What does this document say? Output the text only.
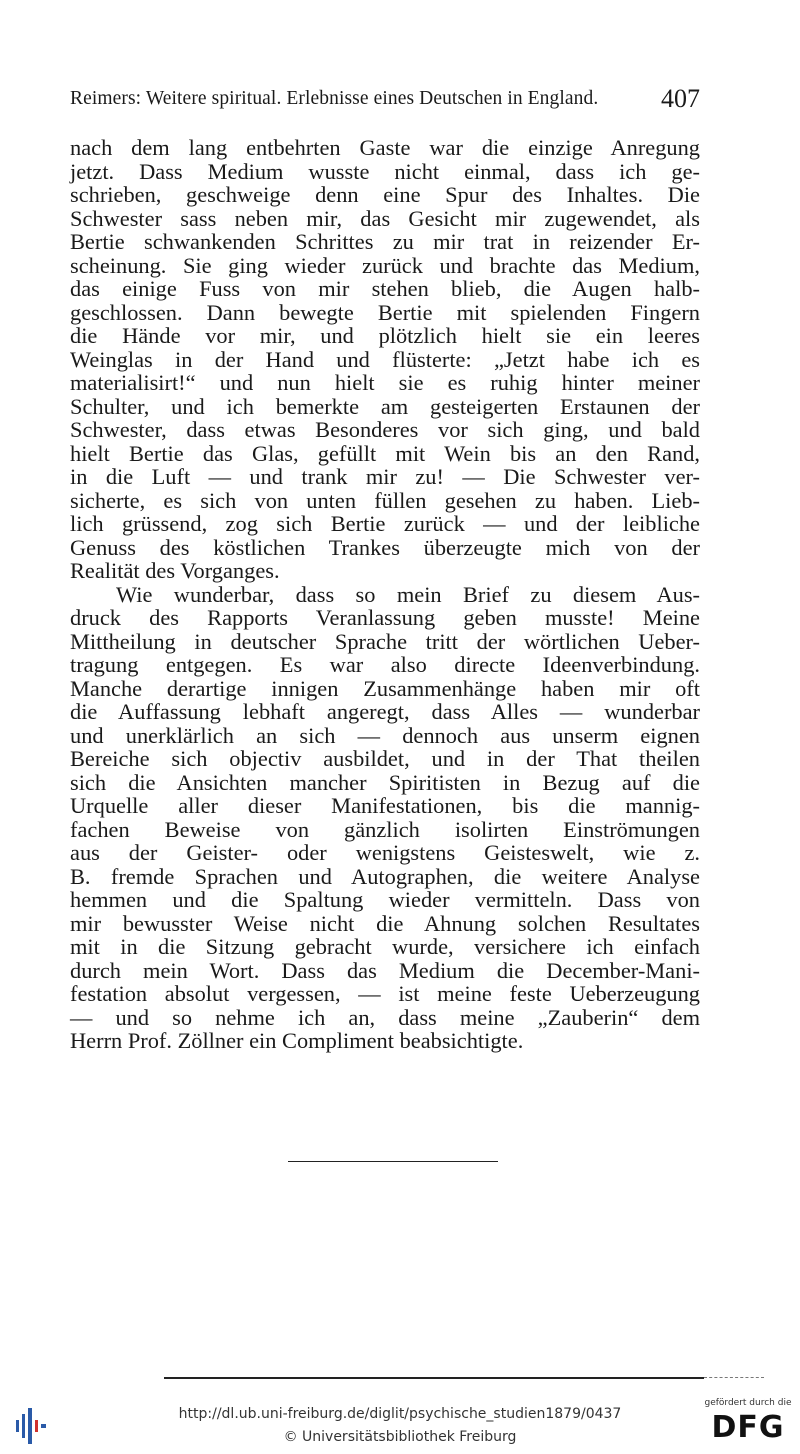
Reimers: Weitere spiritual. Erlebnisse eines Deutschen in England. 407

nach dem lang entbehrten Gaste war die einzige Anregung
jetzt. Dass Medium wusste nicht einmal, dass ich ge-
schrieben, geschweige denn eine Spur des Inhaltes. Die
Schwester sass neben mir, das Gesicht mir zugewendet, als
Bertie schwankenden Schrittes zu mir trat in reizender Er-
scheinung. Sie ging wieder zurück und brachte das Medium,
das einige Fuss von mir stehen blieb, die Augen halb-
geschlossen. Dann bewegte Bertie mit spielenden Fingern
die Hände vor mir, und plötzlich hielt sie ein leeres
Weinglas in der Hand und flüsterte: „Jetzt habe ich es
materialisirt!“ und nun hielt sie es ruhig hinter meiner
Schulter, und ich bemerkte am gesteigerten Erstaunen der
Schwester, dass etwas Besonderes vor sich ging, und bald
hielt Bertie das Glas, gefüllt mit Wein bis an den Rand,
in die Luft — und trank mir zu! — Die Schwester ver-
sicherte, es sich von unten füllen gesehen zu haben. Lieb-
lich grüssend, zog sich Bertie zurück — und der leibliche
Genuss des köstlichen Trankes überzeugte mich von der
Realität des Vorganges.

Wie wunderbar, dass so mein Brief zu diesem Aus-
druck des Rapports Veranlassung geben musste! Meine
Mittheilung in deutscher Sprache tritt der wörtlichen Ueber-
tragung entgegen. Es war also directe Ideenverbindung.
Manche derartige innigen Zusammenhänge haben mir oft
die Auffassung lebhaft angeregt, dass Alles — wunderbar
und unerklärlich an sich — dennoch aus unserm eignen
Bereiche sich objectiv ausbildet, und in der That theilen
sich die Ansichten mancher Spiritisten in Bezug auf die
Urquelle aller dieser Manifestationen, bis die mannig-
fachen Beweise von gänzlich isolirten Einströmungen
aus der Geister- oder wenigstens Geisteswelt, wie z.
B. fremde Sprachen und Autographen, die weitere Analyse
hemmen und die Spaltung wieder vermitteln. Dass von
mir bewusster Weise nicht die Ahnung solchen Resultates
mit in die Sitzung gebracht wurde, versichere ich einfach
durch mein Wort. Dass das Medium die December-Mani-
festation absolut vergessen, — ist meine feste Ueberzeugung
— und so nehme ich an, dass meine „Zauberin“ dem
Herrn Prof. Zöllner ein Compliment beabsichtigte.

http://dl.ub.uni-freiburg.de/diglit/psychische_studien1879/0437
© Universitätsbibliothek Freiburg
gefördert durch die
DFG
